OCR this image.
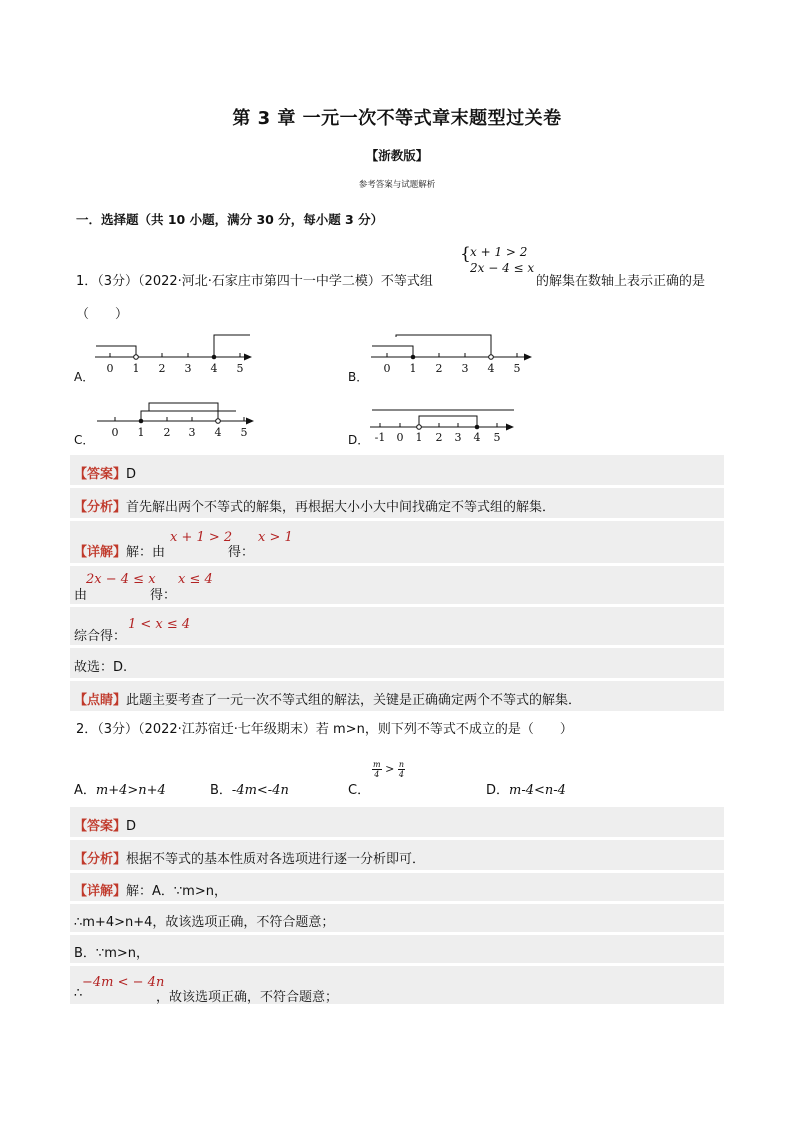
第 3 章 一元一次不等式章末题型过关卷
【浙教版】
参考答案与试题解析
一．选择题（共 10 小题，满分 30 分，每小题 3 分）
1．（3分）（2022·河北·石家庄市第四十一中学二模）不等式组
{ x + 1 > 2
2x − 4 ≤ x
的解集在数轴上表示正确的是
（　　）
A．
0 1 2 3 4 5
B．
0 1 2 3 4 5
C．
0 1 2 3 4 5
D． -1 0 1 2 3 4 5
【答案】D
【分析】首先解出两个不等式的解集，再根据大小小大中间找确定不等式组的解集．
【详解】解：由
x + 1 > 2
得：
x > 1
由
2x − 4 ≤ x
得：
x ≤ 4
综合得：
1 < x ≤ 4
故选：D.
【点睛】此题主要考查了一元一次不等式组的解法，关键是正确确定两个不等式的解集．
2．（3分）（2022·江苏宿迁·七年级期末）若 m>n，则下列不等式不成立的是（　　）
A．m+4>n+4	B．-4m<-4n	C．
$\frac{m}{4} > \frac{n}{4}$
D．m-4<n-4
【答案】D
【分析】根据不等式的基本性质对各选项进行逐一分析即可．
【详解】解：A．∵m>n，
∴m+4>n+4，故该选项正确，不符合题意；
B．∵m>n，
∴
−4m < − 4n
，故该选项正确，不符合题意；
